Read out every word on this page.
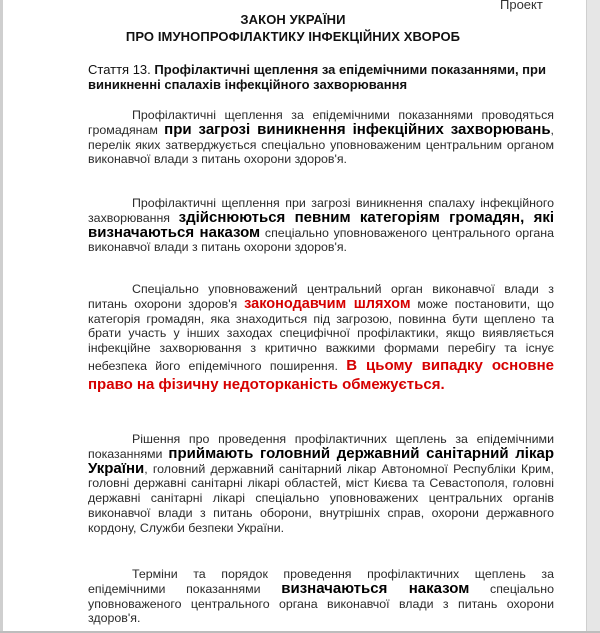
Проект
ЗАКОН УКРАЇНИ
ПРО ІМУНОПРОФІЛАКТИКУ ІНФЕКЦІЙНИХ ХВОРОБ
Стаття 13. Профілактичні щеплення за епідемічними показаннями, при виникненні спалахів інфекційного захворювання
Профілактичні щеплення за епідемічними показаннями проводяться громадянам при загрозі виникнення інфекційних захворювань, перелік яких затверджується спеціально уповноваженим центральним органом виконавчої влади з питань охорони здоров'я.
Профілактичні щеплення при загрозі виникнення спалаху інфекційного захворювання здійснюються певним категоріям громадян, які визначаються наказом спеціально уповноваженого центрального органа виконавчої влади з питань охорони здоров'я.
Спеціально уповноважений центральний орган виконавчої влади з питань охорони здоров'я законодавчим шляхом може постановити, що категорія громадян, яка знаходиться під загрозою, повинна бути щеплено та брати участь у інших заходах специфічної профілактики, якщо виявляється інфекційне захворювання з критично важкими формами перебігу та існує небезпека його епідемічного поширення. В цьому випадку основне право на фізичну недоторканість обмежується.
Рішення про проведення профілактичних щеплень за епідемічними показаннями приймають головний державний санітарний лікар України, головний державний санітарний лікар Автономної Республіки Крим, головні державні санітарні лікарі областей, міст Києва та Севастополя, головні державні санітарні лікарі спеціально уповноважених центральних органів виконавчої влади з питань оборони, внутрішніх справ, охорони державного кордону, Служби безпеки України.
Терміни та порядок проведення профілактичних щеплень за епідемічними показаннями визначаються наказом спеціально уповноваженого центрального органа виконавчої влади з питань охорони здоров'я.
